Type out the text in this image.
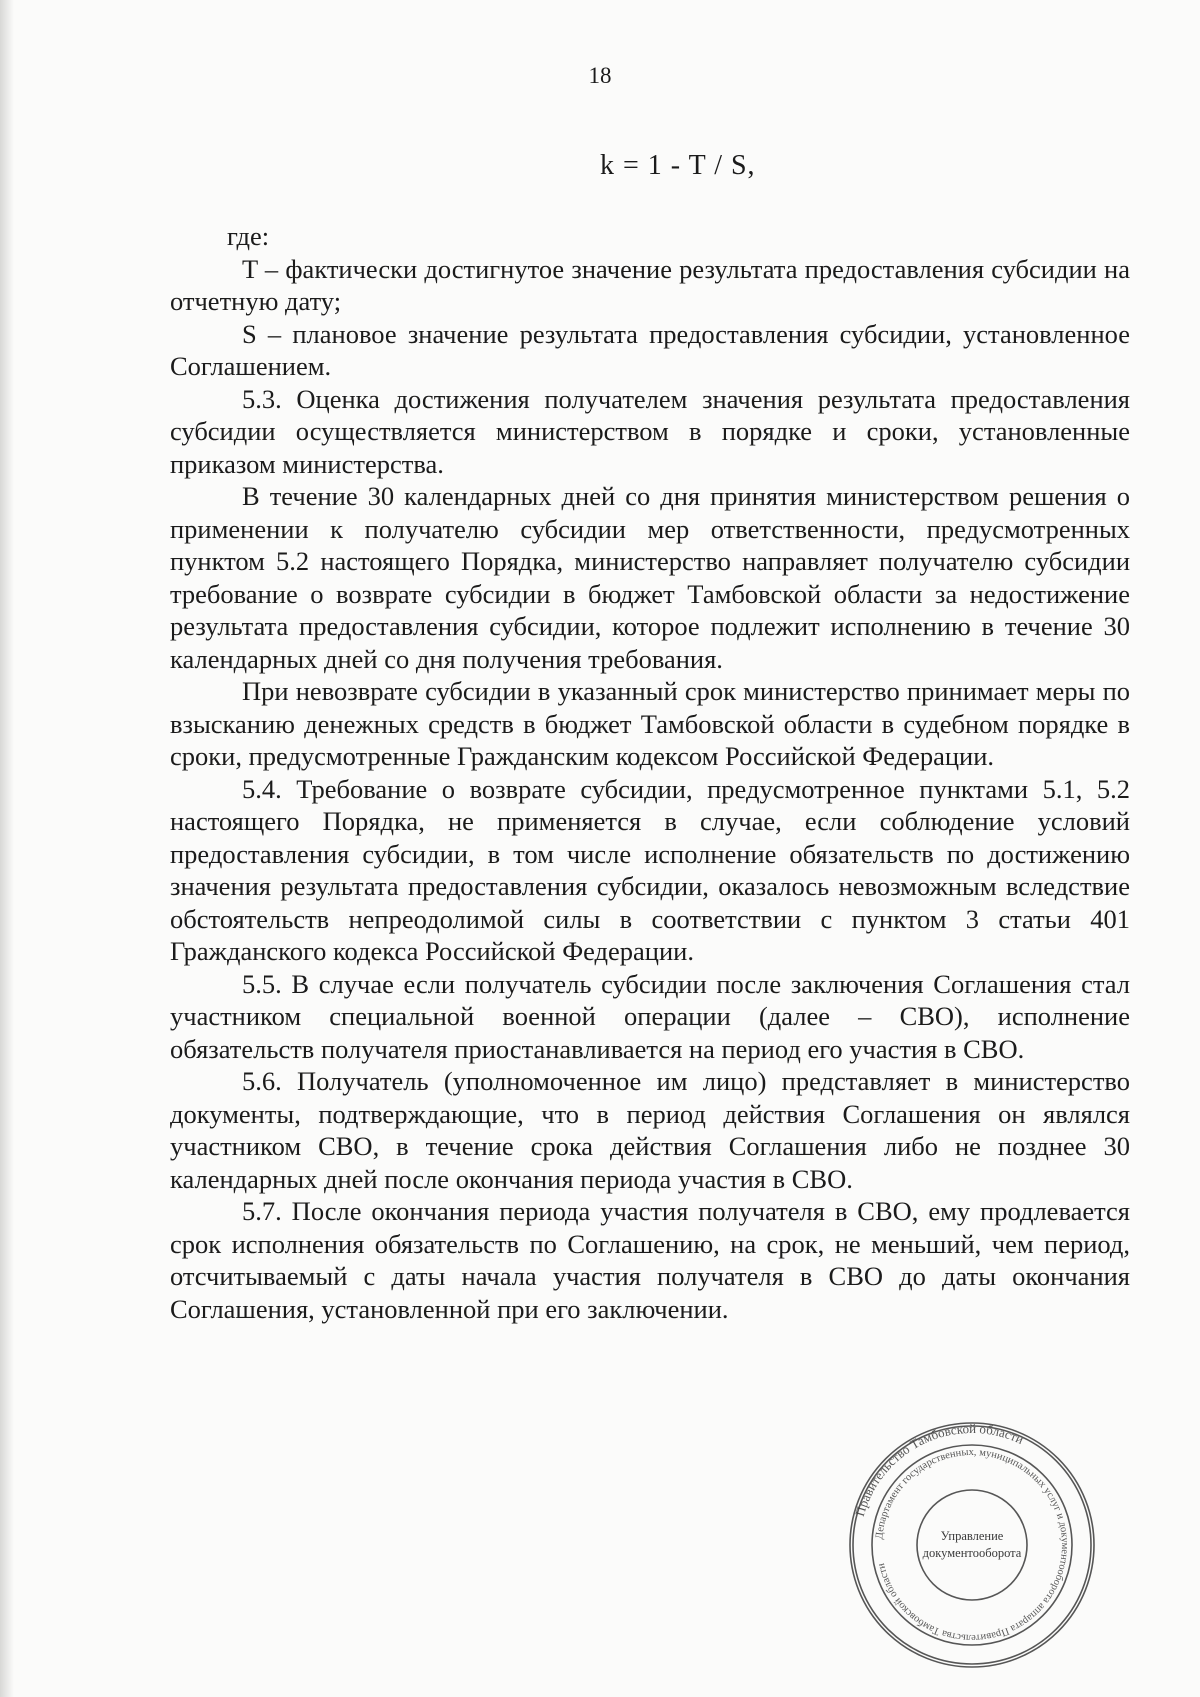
18
k = 1 - T / S,

где:

T – фактически достигнутое значение результата предоставления субсидии на отчетную дату;

S – плановое значение результата предоставления субсидии, установленное Соглашением.

5.3. Оценка достижения получателем значения результата предоставления субсидии осуществляется министерством в порядке и сроки, установленные приказом министерства.

В течение 30 календарных дней со дня принятия министерством решения о применении к получателю субсидии мер ответственности, предусмотренных пунктом 5.2 настоящего Порядка, министерство направляет получателю субсидии требование о возврате субсидии в бюджет Тамбовской области за недостижение результата предоставления субсидии, которое подлежит исполнению в течение 30 календарных дней со дня получения требования.

При невозврате субсидии в указанный срок министерство принимает меры по взысканию денежных средств в бюджет Тамбовской области в судебном порядке в сроки, предусмотренные Гражданским кодексом Российской Федерации.

5.4. Требование о возврате субсидии, предусмотренное пунктами 5.1, 5.2 настоящего Порядка, не применяется в случае, если соблюдение условий предоставления субсидии, в том числе исполнение обязательств по достижению значения результата предоставления субсидии, оказалось невозможным вследствие обстоятельств непреодолимой силы в соответствии с пунктом 3 статьи 401 Гражданского кодекса Российской Федерации.

5.5. В случае если получатель субсидии после заключения Соглашения стал участником специальной военной операции (далее – СВО), исполнение обязательств получателя приостанавливается на период его участия в СВО.

5.6. Получатель (уполномоченное им лицо) представляет в министерство документы, подтверждающие, что в период действия Соглашения он являлся участником СВО, в течение срока действия Соглашения либо не позднее 30 календарных дней после окончания периода участия в СВО.

5.7. После окончания периода участия получателя в СВО, ему продлевается срок исполнения обязательств по Соглашению, на срок, не меньший, чем период, отсчитываемый с даты начала участия получателя в СВО до даты окончания Соглашения, установленной при его заключении.

Правительство Тамбовской области
Департамент государственных, муниципальных услуг и документооборота аппарата Правительства Тамбовской области
Управление
документооборота
